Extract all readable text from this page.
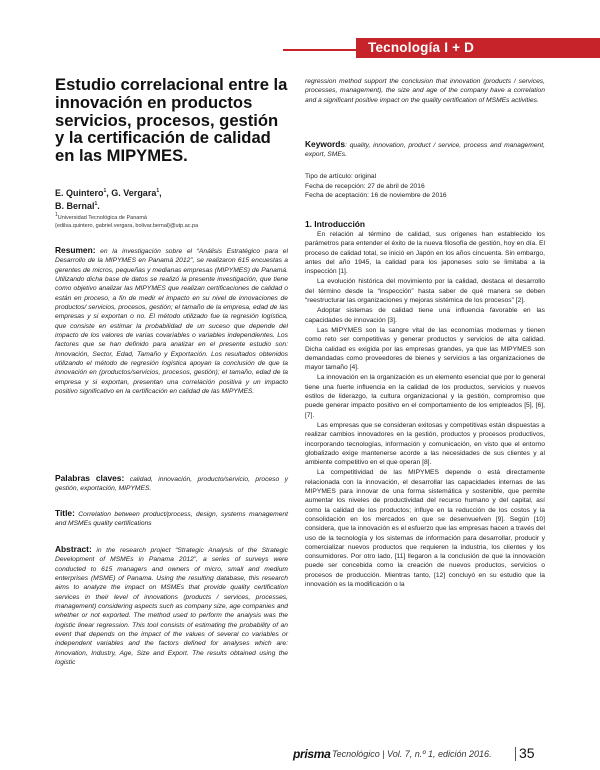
Tecnología I + D
Estudio correlacional entre la innovación en productos servicios, procesos, gestión y la certificación de calidad en las MIPYMES.
E. Quintero$^1$, G. Vergara$^1$,
B. Bernal$^1$.
$^1$Universidad Tecnológica de Panamá
{edilsa.quintero, gabriel.vergara, bolivar.bernal}@utp.ac.pa

Resumen: en la investigación sobre el “Análisis Estratégico para el Desarrollo de la MIPYMES en Panamá 2012”, se realizaron 615 encuestas a gerentes de micros, pequeñas y medianas empresas (MIPYMES) de Panamá. Utilizando dicha base de datos se realizó la presente investigación, que tiene como objetivo analizar las MIPYMES que realizan certificaciones de calidad o están en proceso, a fin de medir el impacto en su nivel de innovaciones de productos/ servicios, procesos, gestión; el tamaño de la empresa, edad de las empresas y si exportan o no. El método utilizado fue la regresión logística, que consiste en estimar la probabilidad de un suceso que depende del impacto de los valores de varias covariables o variables independientes. Los factores que se han definido para analizar en el presente estudio son: Innovación, Sector, Edad, Tamaño y Exportación. Los resultados obtenidos utilizando el método de regresión logística apoyan la conclusión de que la innovación en (productos/servicios, procesos, gestión); el tamaño, edad de la empresa y si exportan, presentan una correlación positiva y un impacto positivo significativo en la certificación en calidad de las MIPYMES.

Palabras claves: calidad, innovación, producto/servicio, proceso y gestión, exportación, MIPYMES.

Title: Correlation between product/process, design, systems management and MSMEs quality certifications

Abstract: in the research project “Strategic Analysis of the Strategic Development of MSMEs in Panama 2012”, a series of surveys were conducted to 615 managers and owners of micro, small and medium enterprises (MSME) of Panama. Using the resulting database, this research aims to analyze the impact on MSMEs that provide quality certification services in their level of innovations (products / services, processes, management) considering aspects such as company size, age companies and whether or not exported. The method used to perform the analysis was the logistic linear regression. This tool consists of estimating the probability of an event that depends on the impact of the values of several co variables or independent variables and the factors defined for analyses which are: Innovation, Industry, Age, Size and Export. The results obtained using the logistic

regression method support the conclusion that innovation (products / services, processes, management), the size and age of the company have a correlation and a significant positive impact on the quality certification of MSMEs activities.

Keywords: quality, innovation, product / service, process and management, export, SMEs.

Tipo de artículo: original
Fecha de recepción: 27 de abril de 2016
Fecha de aceptación: 16 de noviembre de 2016
1. Introducción

En relación al término de calidad, sus orígenes han establecido los parámetros para entender el éxito de la nueva filosofía de gestión, hoy en día. El proceso de calidad total, se inició en Japón en los años cincuenta. Sin embargo, antes del año 1945, la calidad para los japoneses solo se limitaba a la inspección [1].

La evolución histórica del movimiento por la calidad, destaca el desarrollo del término desde la “inspección” hasta saber de qué manera se deben “reestructurar las organizaciones y mejoras sistémica de los procesos” [2].

Adoptar sistemas de calidad tiene una influencia favorable en las capacidades de innovación [3].

Las MIPYMES son la sangre vital de las economías modernas y tienen como reto ser competitivas y generar productos y servicios de alta calidad. Dicha calidad es exigida por las empresas grandes, ya que las MIPYMES son demandadas como proveedores de bienes y servicios a las organizaciones de mayor tamaño [4].

La innovación en la organización es un elemento esencial que por lo general tiene una fuerte influencia en la calidad de los productos, servicios y nuevos estilos de liderazgo, la cultura organizacional y la gestión, compromiso que puede generar impacto positivo en el comportamiento de los empleados [5], [6], [7].

Las empresas que se consideran exitosas y competitivas están dispuestas a realizar cambios innovadores en la gestión, productos y procesos productivos, incorporando tecnologías, información y comunicación, en visto que el entorno globalizado exige mantenerse acorde a las necesidades de sus clientes y al ambiente competitivo en el que operan [8].

La competitividad de las MIPYMES depende o está directamente relacionada con la innovación, el desarrollar las capacidades internas de las MIPYMES para innovar de una forma sistemática y sostenible, que permite aumentar los niveles de productividad del recurso humano y del capital, así como la calidad de los productos; influye en la reducción de los costos y la consolidación en los mercados en que se desenvuelven [9]. Según [10] considera, que la innovación es el esfuerzo que las empresas hacen a través del uso de la tecnología y los sistemas de información para desarrollar, producir y comercializar nuevos productos que requieren la industria, los clientes y los consumidores. Por otro lado, [11] llegaron a la conclusión de que la innovación puede ser concebida como la creación de nuevos productos, servicios o procesos de producción. Mientras tanto, [12] concluyó en su estudio que la innovación es la modificación o la

prisma Tecnológico | Vol. 7, n.º 1, edición 2016. 35
